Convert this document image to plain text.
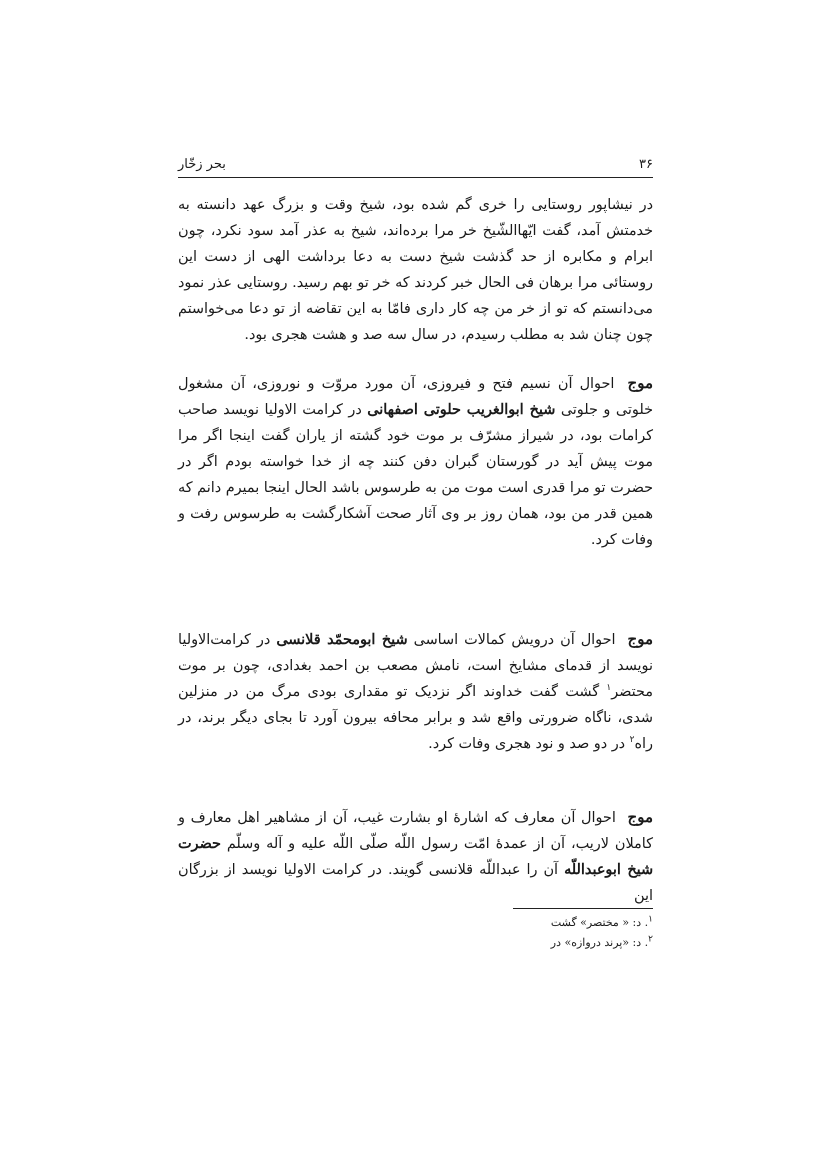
۳۶
بحر زخّار

در نیشاپور روستایی را خری گم شده بود، شیخ وقت و بزرگ عهد دانسته به خدمتش آمد، گفت ایّهاالشّیخ خر مرا برده‌اند، شیخ به عذر آمد سود نکرد، چون ابرام و مکابره از حد گذشت شیخ دست به دعا برداشت الهی از دست این روستائی مرا برهان فی الحال خبر کردند که خر تو بهم رسید. روستایی عذر نمود می‌دانستم که تو از خر من چه کار داری فامّا به این تقاضه از تو دعا می‌خواستم چون چنان شد به مطلب رسیدم، در سال سه صد و هشت هجری بود.

موج احوال آن نسیم فتح و فیروزی، آن مورد مروّت و نوروزی، آن مشغول خلوتی و جلوتی شیخ ابوالغریب حلوتی اصفهانی در کرامت الاولیا نویسد صاحب کرامات بود، در شیراز مشرّف بر موت خود گشته از یاران گفت اینجا اگر مرا موت پیش آید در گورستان گبران دفن کنند چه از خدا خواسته بودم اگر در حضرت تو مرا قدری است موت من به طرسوس باشد الحال اینجا بمیرم دانم که همین قدر من بود، همان روز بر وی آثار صحت آشکارگشت به طرسوس رفت و وفات کرد.

موج احوال آن درویش کمالات اساسی شیخ ابومحمّد قلانسی در کرامت‌الاولیا نویسد از قدمای مشایخ است، نامش مصعب بن احمد بغدادی، چون بر موت محتضر$^۱$ گشت گفت خداوند اگر نزدیک تو مقداری بودی مرگ من در منزلین شدی، ناگاه ضرورتی واقع شد و برابر محافه بیرون آورد تا بجای دیگر برند، در راه$^۲$ در دو صد و نود هجری وفات کرد.

موج احوال آن معارف که اشارهٔ او بشارت غیب، آن از مشاهیر اهل معارف و کاملان لاریب، آن از عمدهٔ امّت رسول اللّه صلّی اللّه علیه و آله وسلّم حضرت شیخ ابوعبداللّه آن را عبداللّه قلانسی گویند. در کرامت الاولیا نویسد از بزرگان این

$^۱$. د: « مختصر» گشت

$^۲$. د: «پرند دروازه» در
